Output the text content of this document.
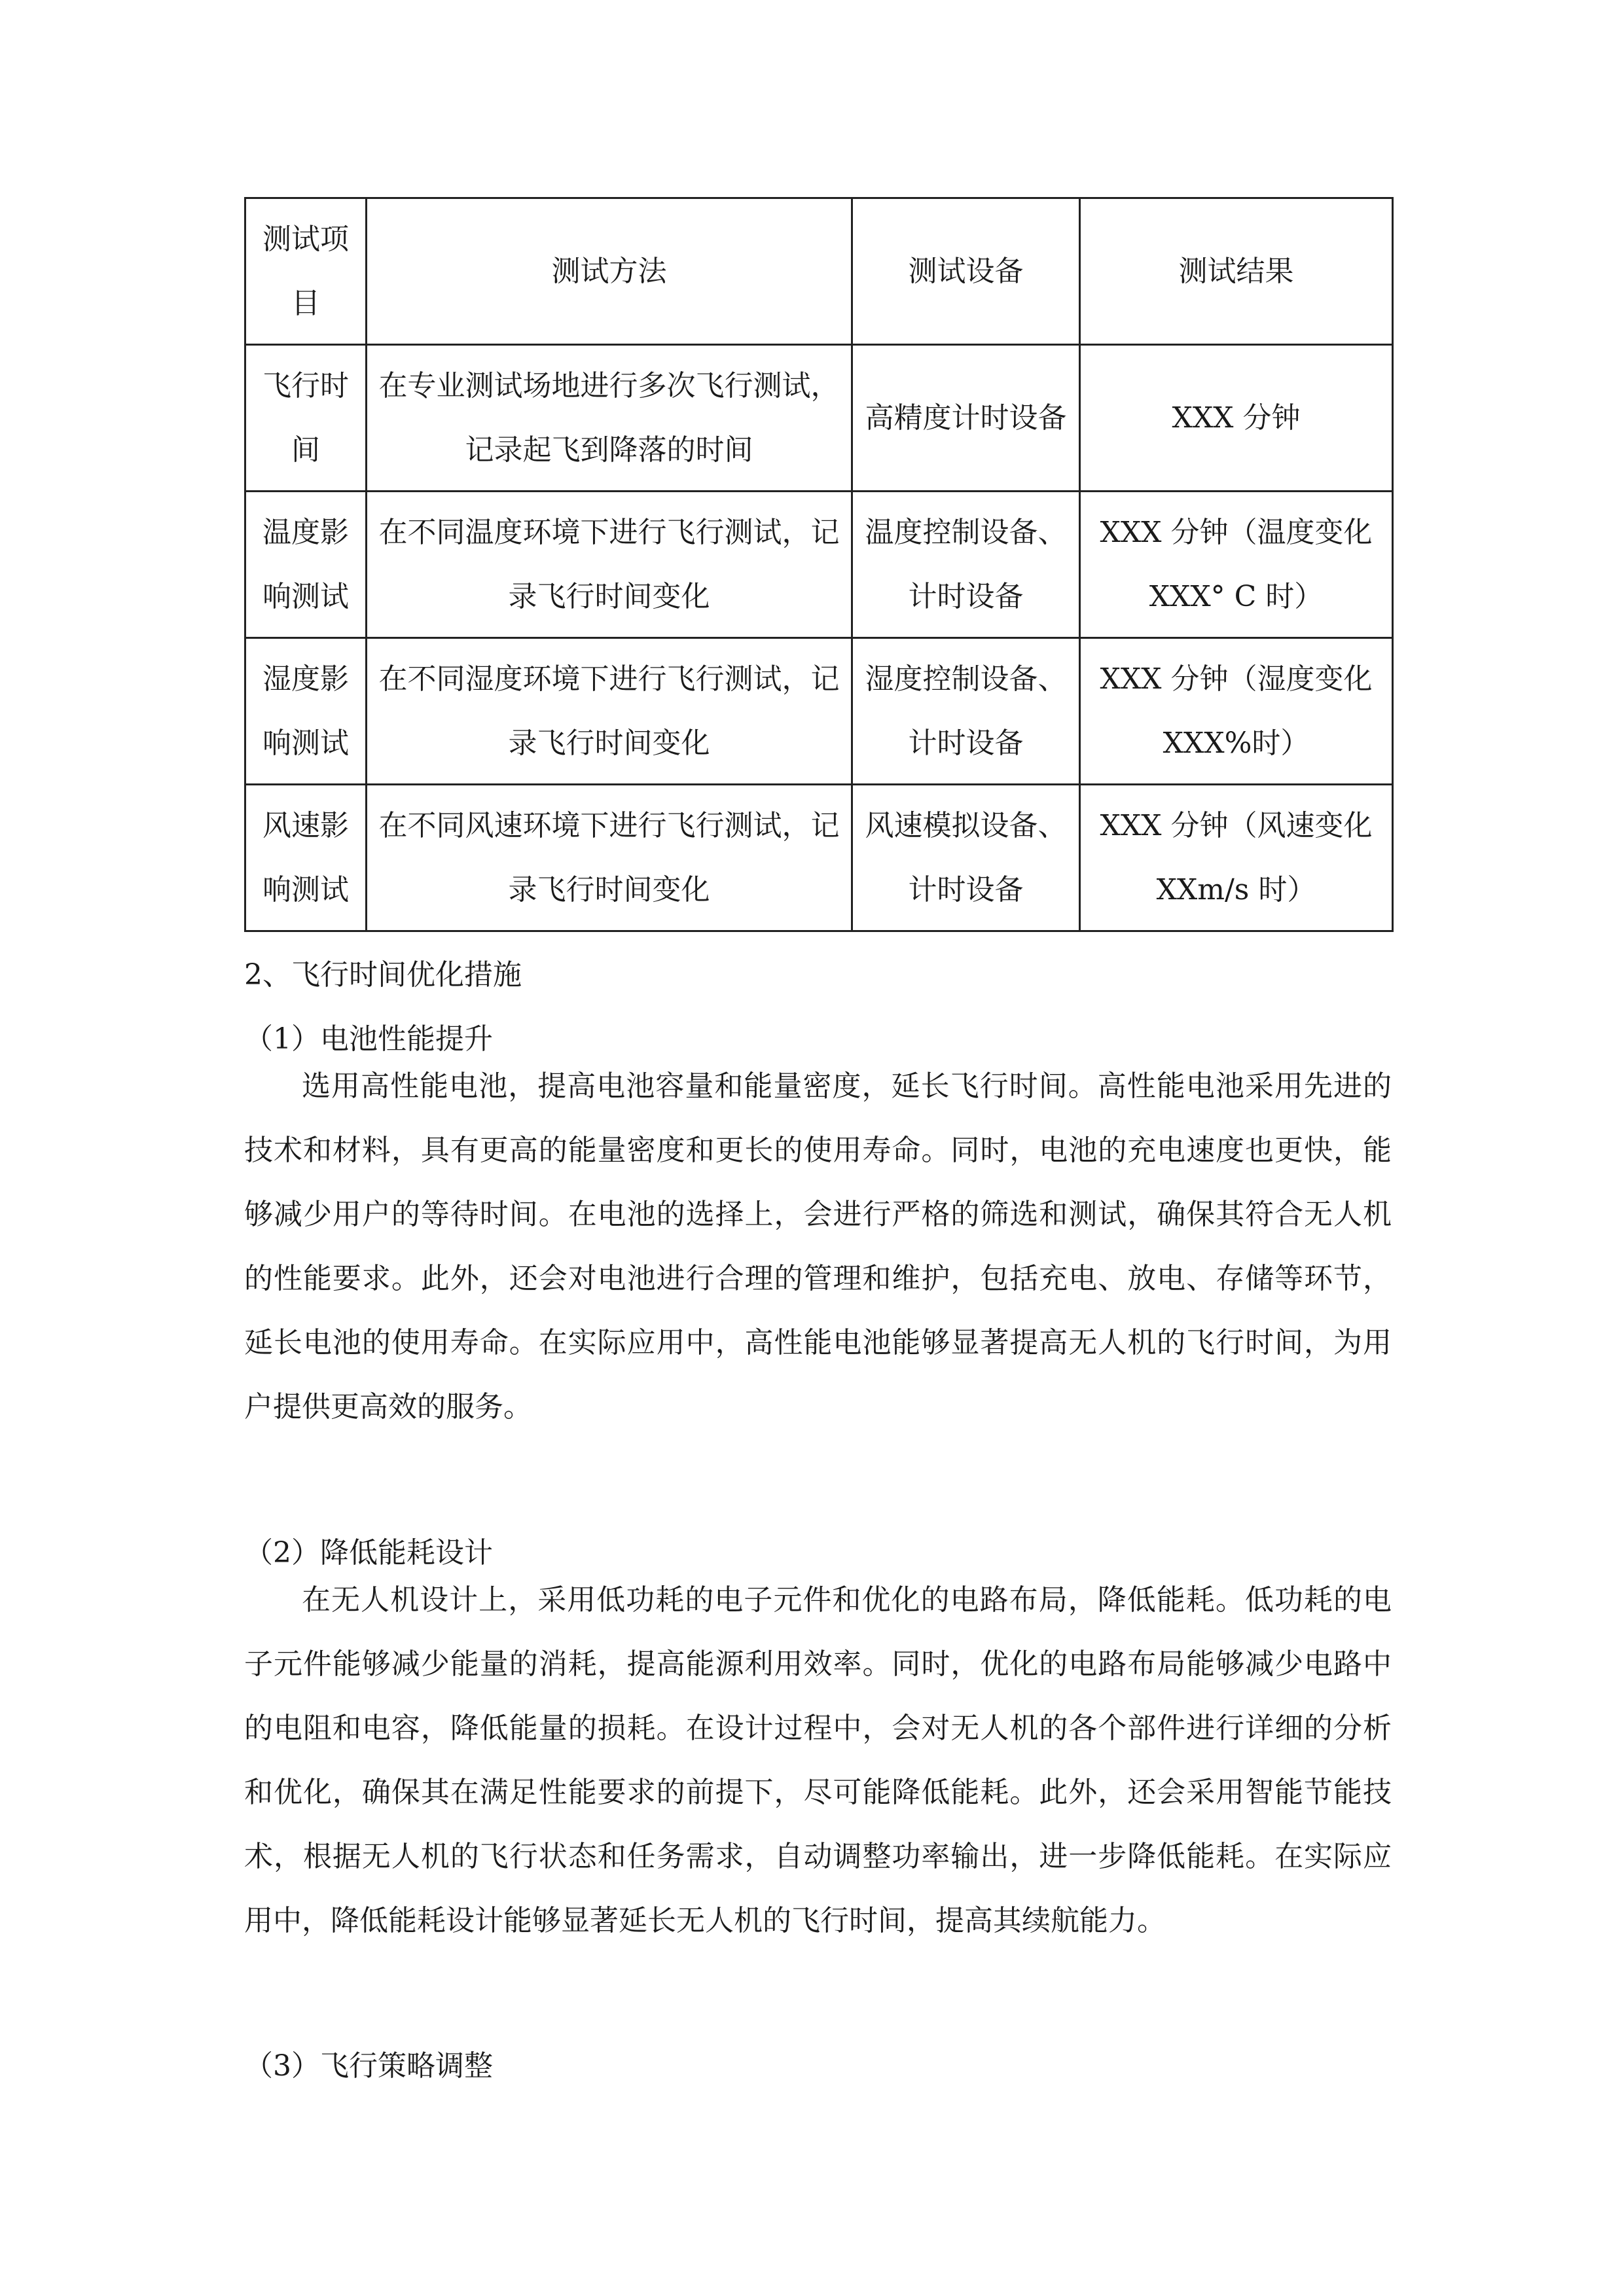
测试项目	测试方法	测试设备	测试结果
飞行时间	在专业测试场地进行多次飞行测试，记录起飞到降落的时间	高精度计时设备	XXX 分钟
温度影响测试	在不同温度环境下进行飞行测试，记录飞行时间变化	温度控制设备、计时设备	XXX 分钟（温度变化 XXX° C 时）
湿度影响测试	在不同湿度环境下进行飞行测试，记录飞行时间变化	湿度控制设备、计时设备	XXX 分钟（湿度变化 XXX%时）
风速影响测试	在不同风速环境下进行飞行测试，记录飞行时间变化	风速模拟设备、计时设备	XXX 分钟（风速变化 XXm/s 时）
2、飞行时间优化措施
（1）电池性能提升

选用高性能电池，提高电池容量和能量密度，延长飞行时间。高性能电池采用先进的技术和材料，具有更高的能量密度和更长的使用寿命。同时，电池的充电速度也更快，能够减少用户的等待时间。在电池的选择上，会进行严格的筛选和测试，确保其符合无人机的性能要求。此外，还会对电池进行合理的管理和维护，包括充电、放电、存储等环节，延长电池的使用寿命。在实际应用中，高性能电池能够显著提高无人机的飞行时间，为用户提供更高效的服务。

（2）降低能耗设计

在无人机设计上，采用低功耗的电子元件和优化的电路布局，降低能耗。低功耗的电子元件能够减少能量的消耗，提高能源利用效率。同时，优化的电路布局能够减少电路中的电阻和电容，降低能量的损耗。在设计过程中，会对无人机的各个部件进行详细的分析和优化，确保其在满足性能要求的前提下，尽可能降低能耗。此外，还会采用智能节能技术，根据无人机的飞行状态和任务需求，自动调整功率输出，进一步降低能耗。在实际应用中，降低能耗设计能够显著延长无人机的飞行时间，提高其续航能力。

（3）飞行策略调整
